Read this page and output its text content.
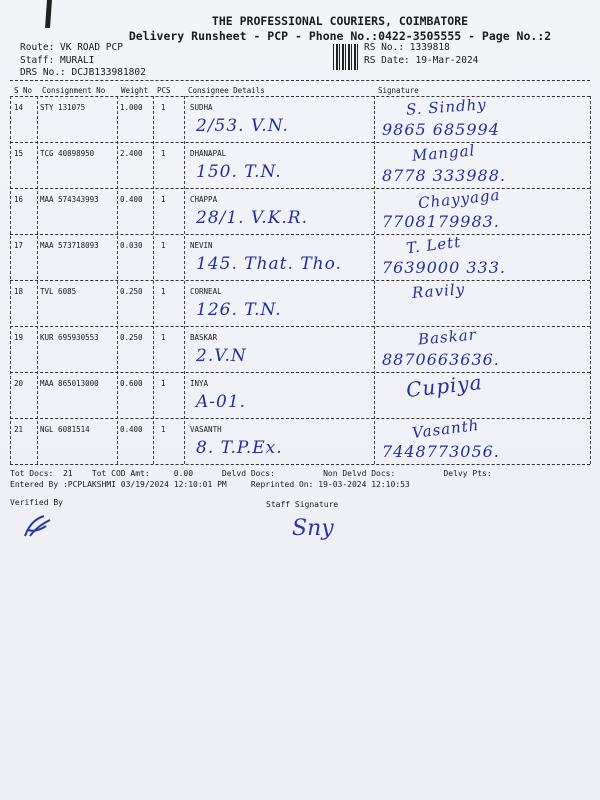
THE PROFESSIONAL COURIERS, COIMBATORE
Delivery Runsheet - PCP - Phone No.:0422-3505555 - Page No.:2
Route: VK ROAD PCP
Staff: MURALI
DRS No.: DCJB133981802
RS No.: 1339818
RS Date: 19-Mar-2024
S No Consignment No Weight PCS Consignee Details	Signature
14 STY 131075	1.000 1	SUDHA
2/53. V.N.	9865 685994
S. Sindhy
15 TCG 40898950	2.400 1	DHANAPAL
150. T.N.	8778 333988.
Mangal
16 MAA 574343993	0.400 1	CHAPPA
28/1. V.K.R.	7708179983.
Chayyaga
17 MAA 573718093	0.030 1	NEVIN
145. That. Tho.	7639000 333.
T. Lett
18 TVL 6085	0.250 1	CORNEAL
126. T.N.
Ravily
19 KUR 695930553	0.250 1	BASKAR
2.V.N	8870663636.
Baskar
20 MAA 865013000	0.600 1	INYA
A-01.
Cupiya
21 NGL 6081514	0.400 1	VASANTH
8. T.P.Ex.	7448773056.
Vasanth
Tot Docs:  21    Tot COD Amt:     0.00      Delvd Docs:          Non Delvd Docs:          Delvy Pts:
Entered By :PCPLAKSHMI 03/19/2024 12:10:01 PM     Reprinted On: 19-03-2024 12:10:53
Verified By	Staff Signature
Sny
